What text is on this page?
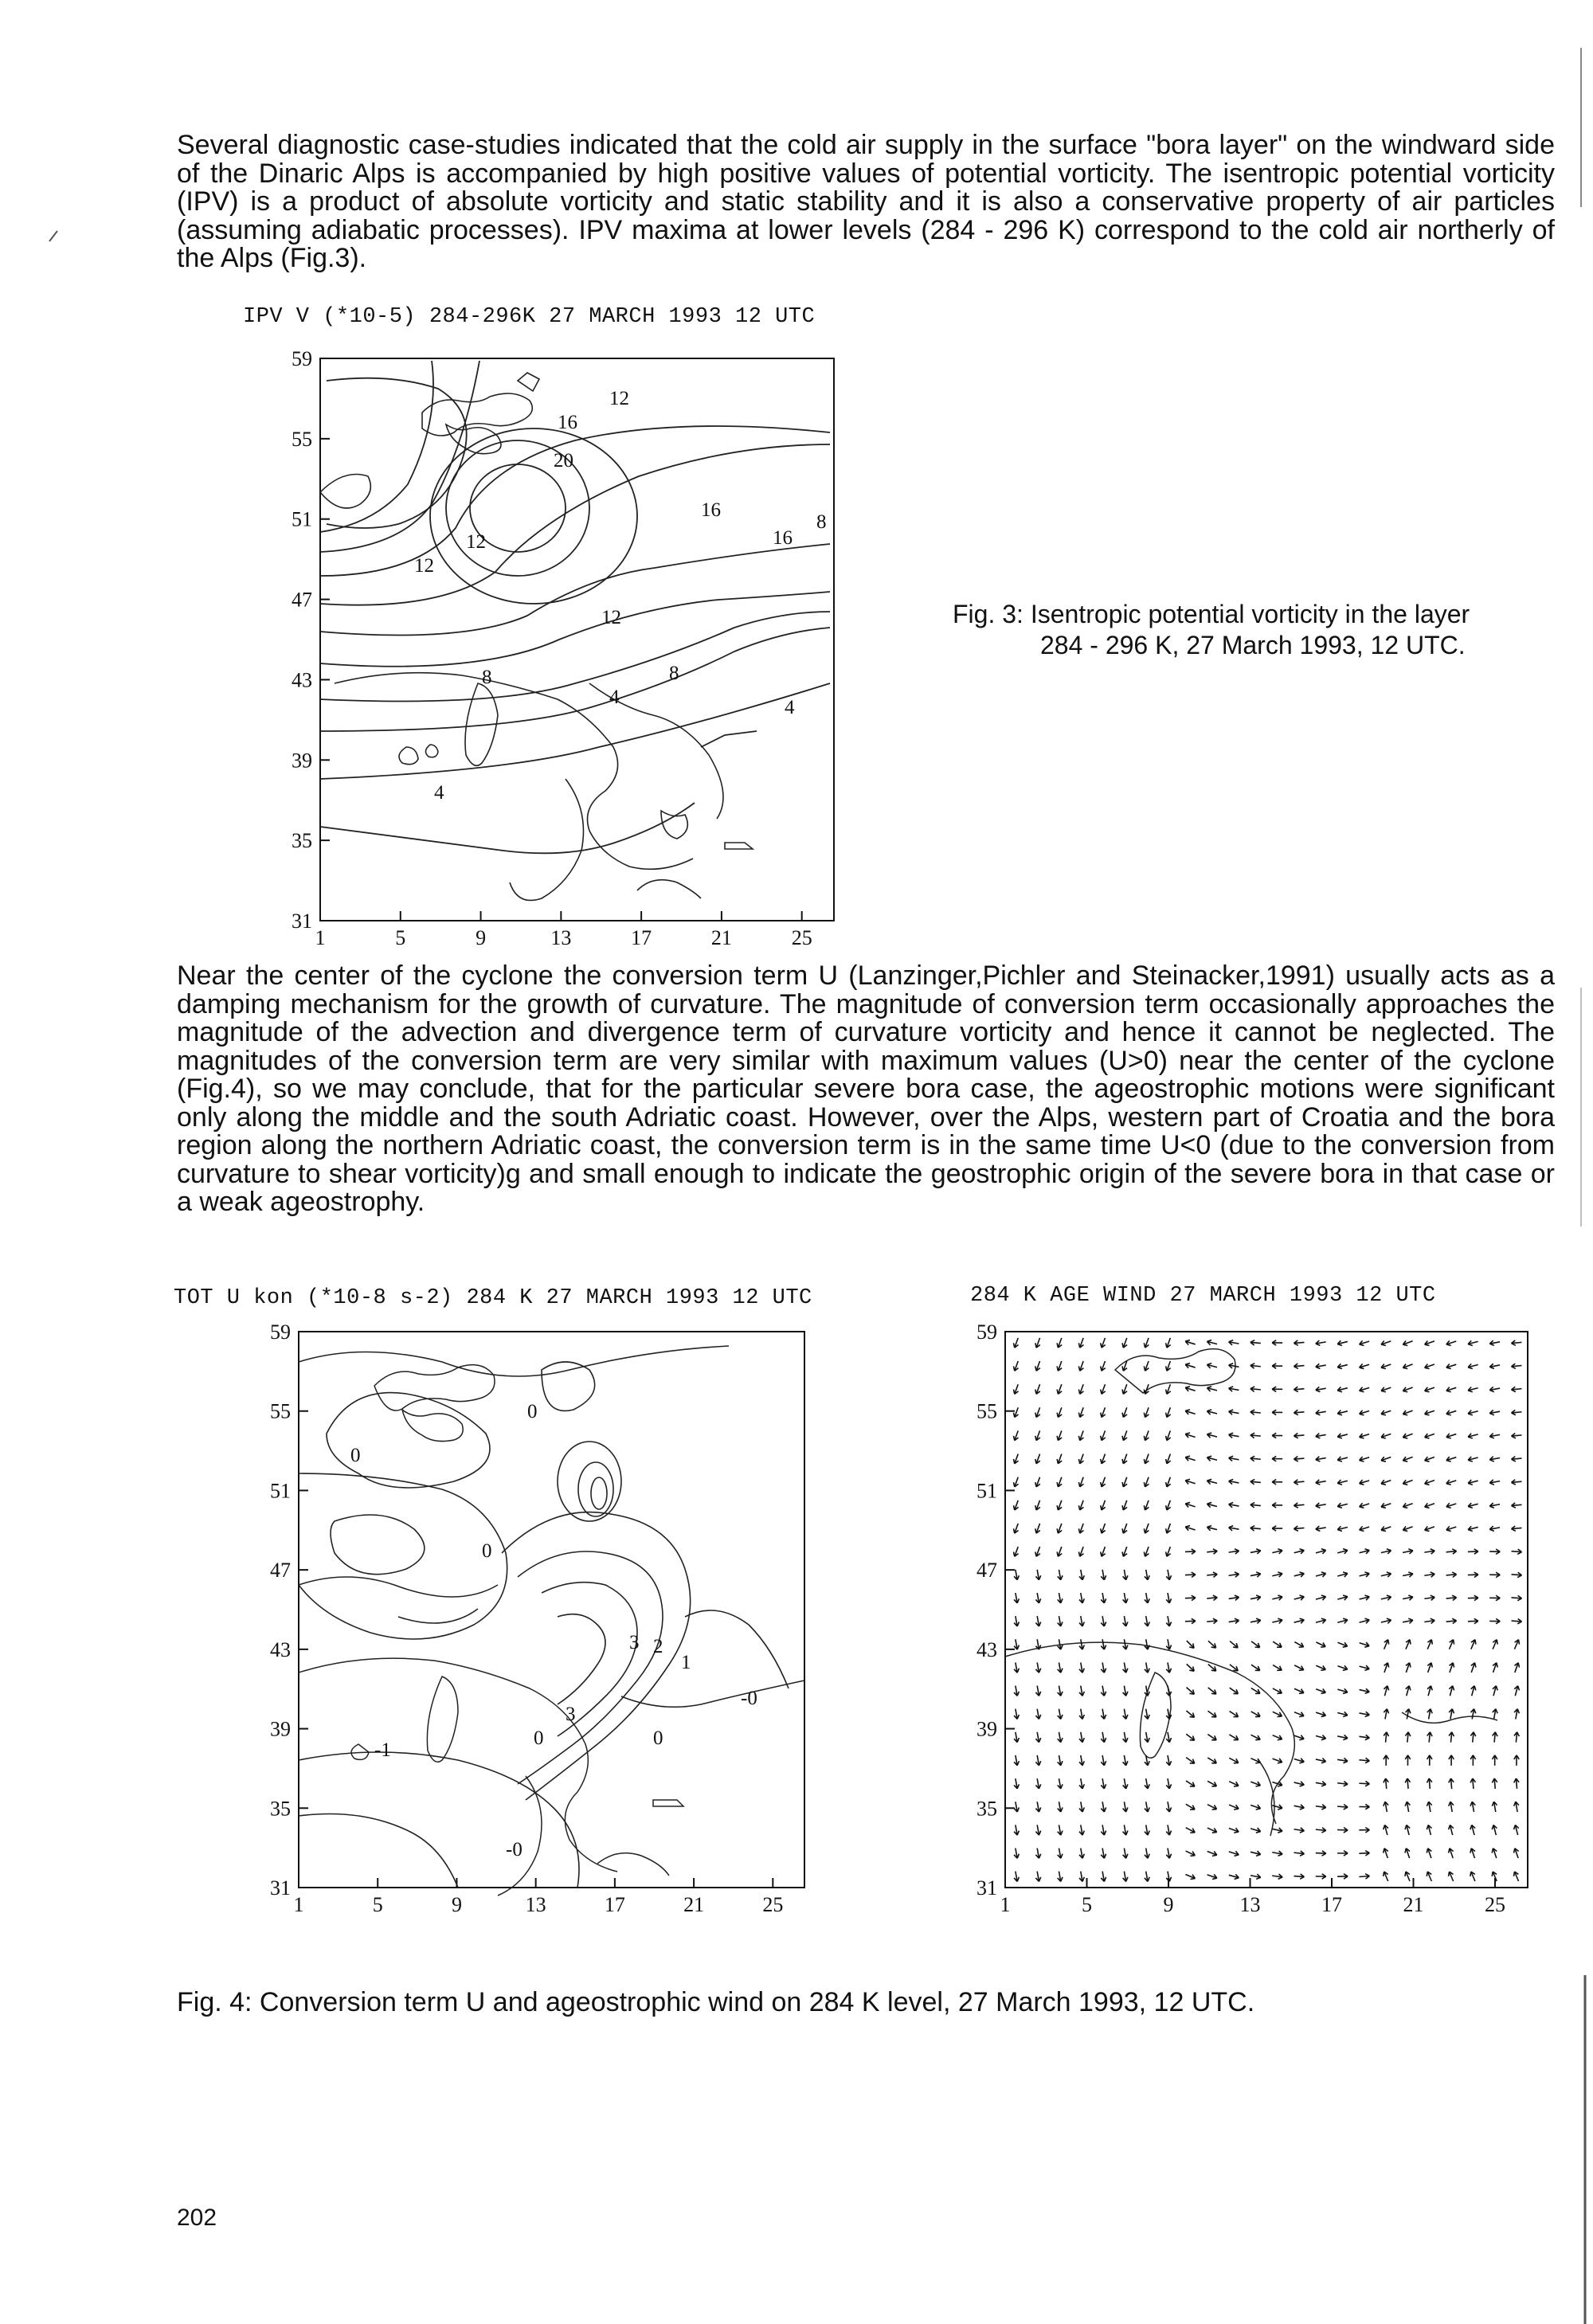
Several diagnostic case-studies indicated that the cold air supply in the surface "bora layer" on the windward side of the Dinaric Alps is accompanied by high positive values of potential vorticity. The isentropic potential vorticity (IPV) is a product of absolute vorticity and static stability and it is also a conservative property of air particles (assuming adiabatic processes). IPV maxima at lower levels (284 - 296 K) correspond to the cold air northerly of the Alps (Fig.3).

IPV V (*10-5) 284-296K 27 MARCH 1993 12 UTC
59
55
51
47
43
39
35
31
1	5	9	13	17	21	25
12
16
20
16
12
8
12	16
12
8
8
4	4
4
Fig. 3: Isentropic potential vorticity in the layer
284 - 296 K, 27 March 1993, 12 UTC.

Near the center of the cyclone the conversion term U (Lanzinger,Pichler and Steinacker,1991) usually acts as a damping mechanism for the growth of curvature. The magnitude of conversion term occasionally approaches the magnitude of the advection and divergence term of curvature vorticity and hence it cannot be neglected. The magnitudes of the conversion term are very similar with maximum values (U>0) near the center of the cyclone (Fig.4), so we may conclude, that for the particular severe bora case, the ageostrophic motions were significant only along the middle and the south Adriatic coast. However, over the Alps, western part of Croatia and the bora region along the northern Adriatic coast, the conversion term is in the same time U<0 (due to the conversion from curvature to shear vorticity)g and small enough to indicate the geostrophic origin of the severe bora in that case or a weak ageostrophy.

TOT U kon (*10-8 s-2) 284 K 27 MARCH 1993 12 UTC
59
55
51
47
43
39
35
31
1	5	9	13	17	21	25
0
0
0
0
-1
3 2
1
-0
3
-0
0
284 K AGE WIND 27 MARCH 1993 12 UTC
59
55
51
47
43
39
35
31
1	5	9	13	17	21	25
Fig. 4: Conversion term U and ageostrophic wind on 284 K level, 27 March 1993, 12 UTC.
202
